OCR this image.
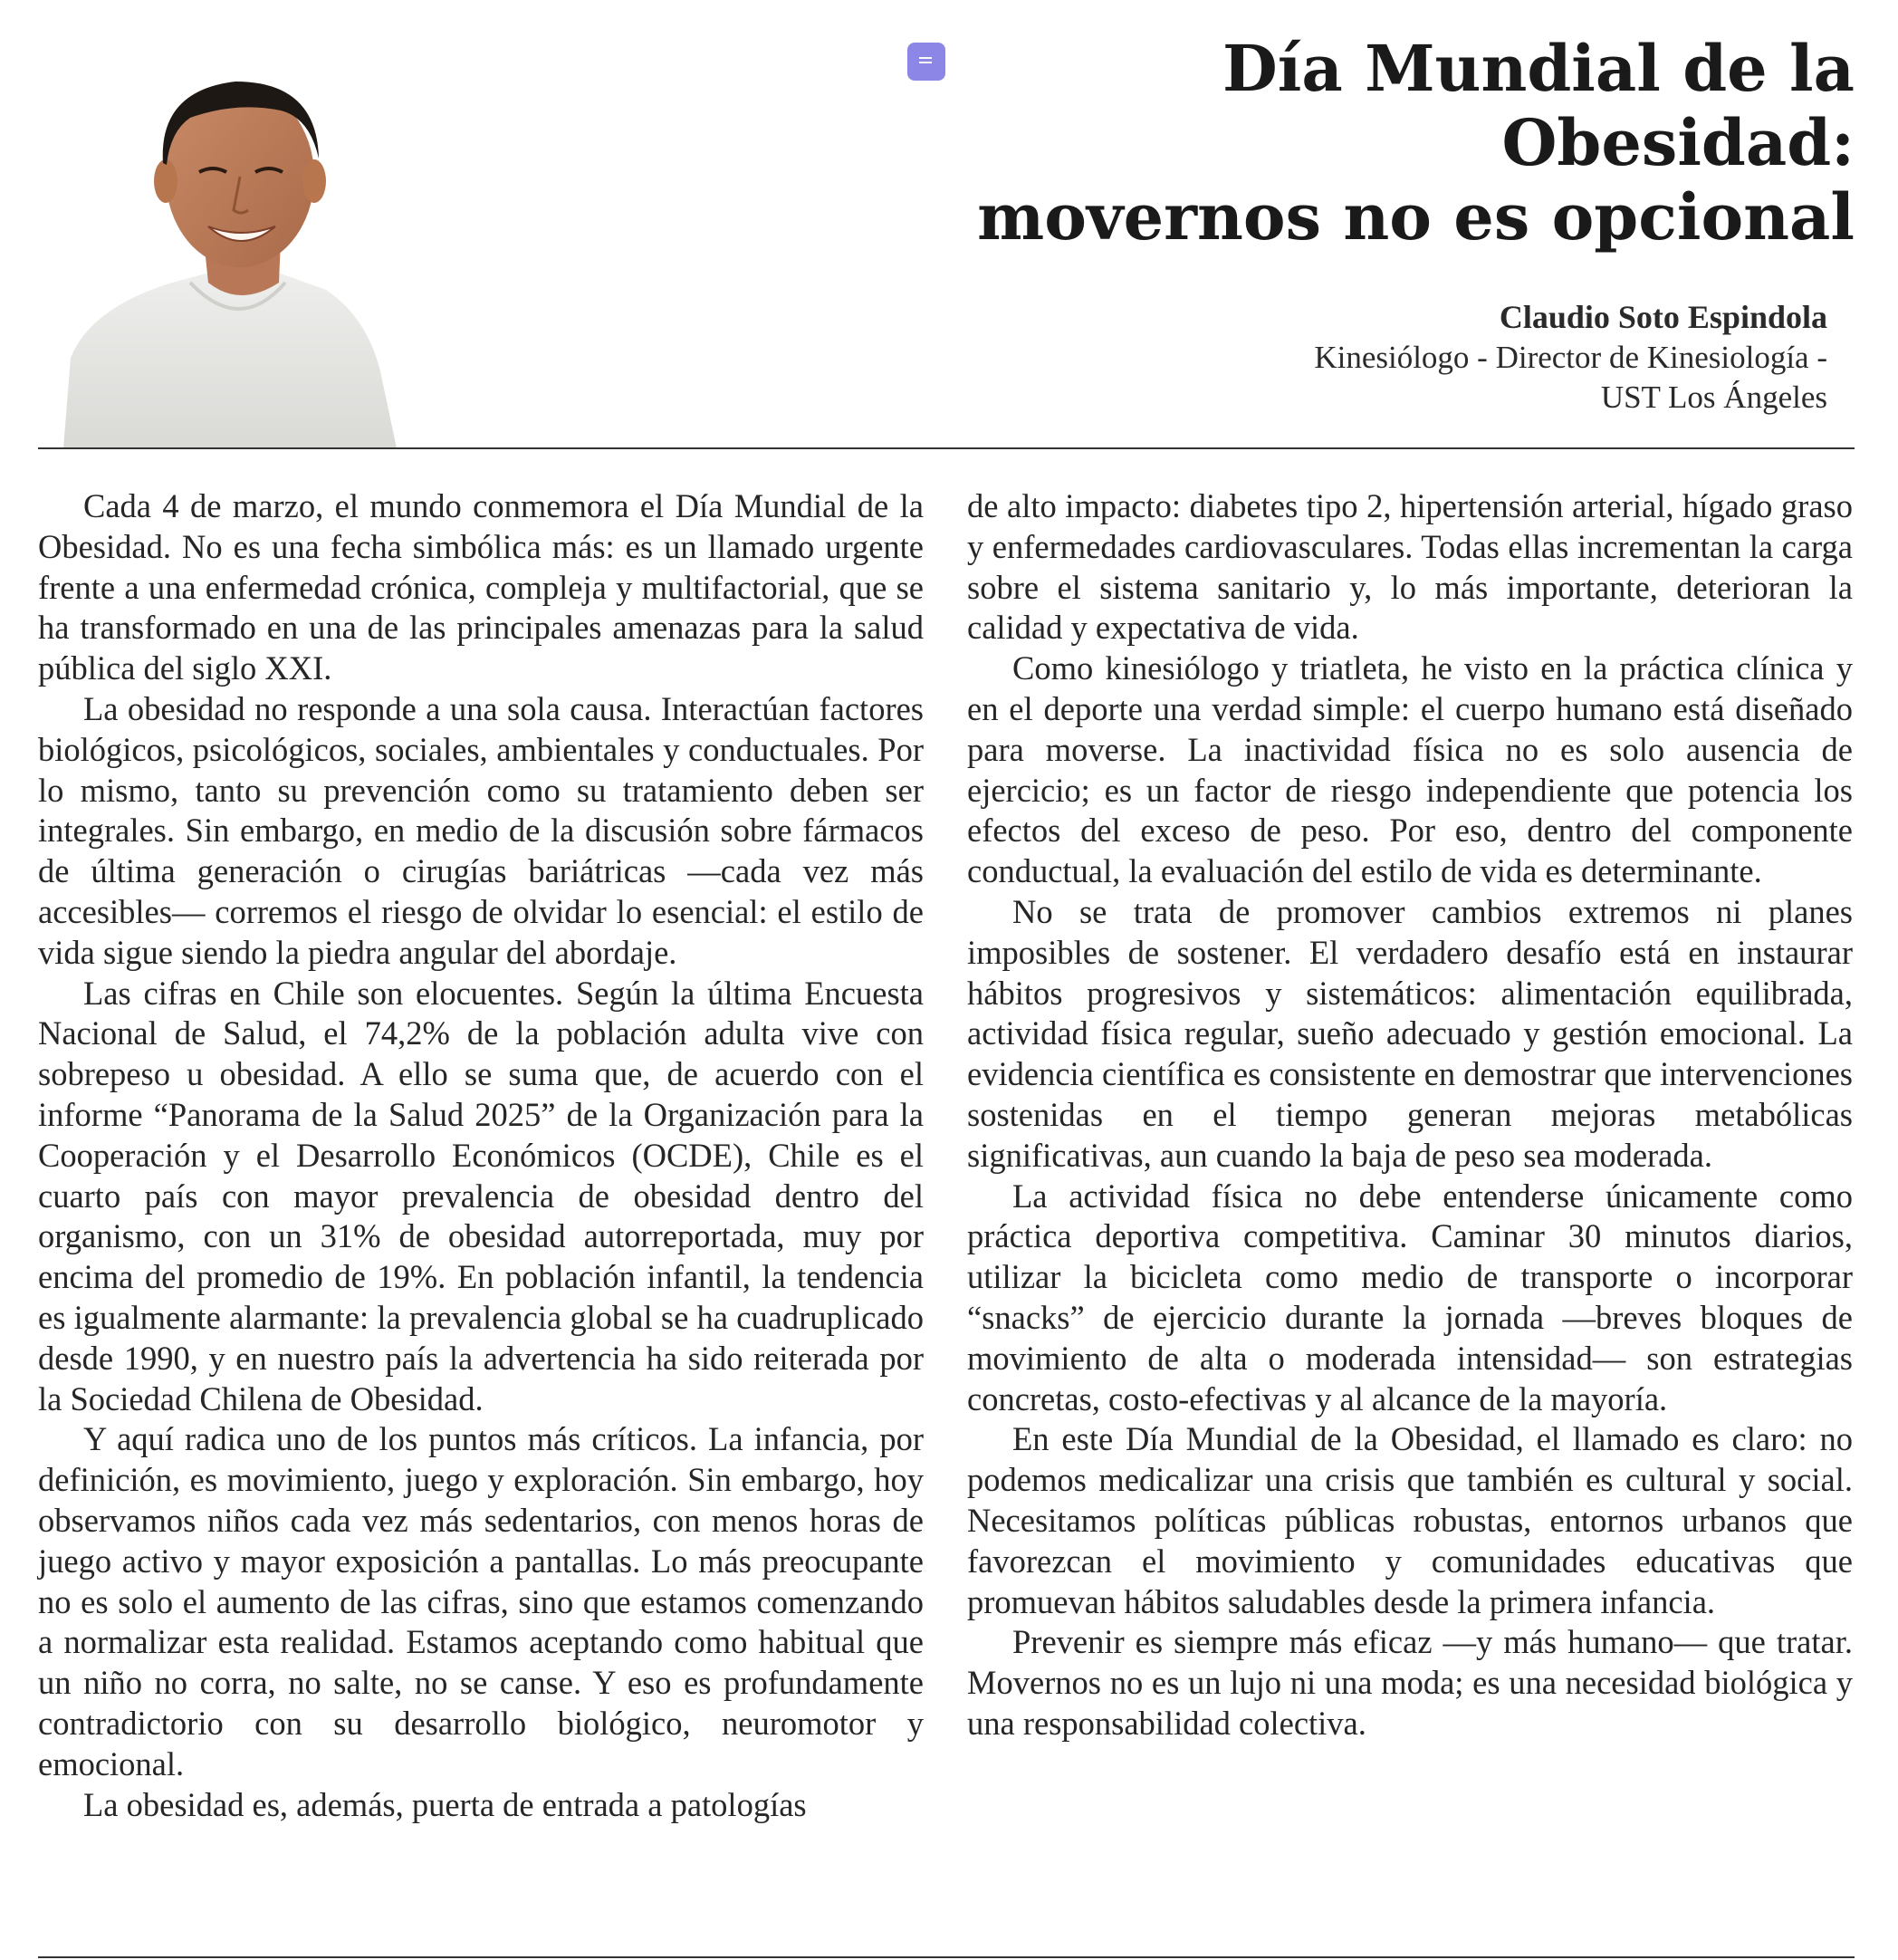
Día Mundial de la Obesidad:
movernos no es opcional
Claudio Soto Espindola
Kinesiólogo - Director de Kinesiología -
UST Los Ángeles

Cada 4 de marzo, el mundo conmemora el Día Mundial de la Obesidad. No es una fecha simbólica más: es un llamado urgente frente a una enfermedad crónica, compleja y multifactorial, que se ha transformado en una de las principales amenazas para la salud pública del siglo XXI.

La obesidad no responde a una sola causa. Interactúan factores biológicos, psicológicos, sociales, ambientales y conductuales. Por lo mismo, tanto su prevención como su tratamiento deben ser integrales. Sin embargo, en medio de la discusión sobre fármacos de última generación o cirugías bariátricas —cada vez más accesibles— corremos el riesgo de olvidar lo esencial: el estilo de vida sigue siendo la piedra angular del abordaje.

Las cifras en Chile son elocuentes. Según la última Encuesta Nacional de Salud, el 74,2% de la población adulta vive con sobrepeso u obesidad. A ello se suma que, de acuerdo con el informe “Panorama de la Salud 2025” de la Organización para la Cooperación y el Desarrollo Económicos (OCDE), Chile es el cuarto país con mayor prevalencia de obesidad dentro del organismo, con un 31% de obesidad autorreportada, muy por encima del promedio de 19%. En población infantil, la tendencia es igualmente alarmante: la prevalencia global se ha cuadruplicado desde 1990, y en nuestro país la advertencia ha sido reiterada por la Sociedad Chilena de Obesidad.

Y aquí radica uno de los puntos más críticos. La infancia, por definición, es movimiento, juego y exploración. Sin embargo, hoy observamos niños cada vez más sedentarios, con menos horas de juego activo y mayor exposición a pantallas. Lo más preocupante no es solo el aumento de las cifras, sino que estamos comenzando a normalizar esta realidad. Estamos aceptando como habitual que un niño no corra, no salte, no se canse. Y eso es profundamente contradictorio con su desarrollo biológico, neuromotor y emocional.

La obesidad es, además, puerta de entrada a patologías

de alto impacto: diabetes tipo 2, hipertensión arterial, hígado graso y enfermedades cardiovasculares. Todas ellas incrementan la carga sobre el sistema sanitario y, lo más importante, deterioran la calidad y expectativa de vida.

Como kinesiólogo y triatleta, he visto en la práctica clínica y en el deporte una verdad simple: el cuerpo humano está diseñado para moverse. La inactividad física no es solo ausencia de ejercicio; es un factor de riesgo independiente que potencia los efectos del exceso de peso. Por eso, dentro del componente conductual, la evaluación del estilo de vida es determinante.

No se trata de promover cambios extremos ni planes imposibles de sostener. El verdadero desafío está en instaurar hábitos progresivos y sistemáticos: alimentación equilibrada, actividad física regular, sueño adecuado y gestión emocional. La evidencia científica es consistente en demostrar que intervenciones sostenidas en el tiempo generan mejoras metabólicas significativas, aun cuando la baja de peso sea moderada.

La actividad física no debe entenderse únicamente como práctica deportiva competitiva. Caminar 30 minutos diarios, utilizar la bicicleta como medio de transporte o incorporar “snacks” de ejercicio durante la jornada —breves bloques de movimiento de alta o moderada intensidad— son estrategias concretas, costo-efectivas y al alcance de la mayoría.

En este Día Mundial de la Obesidad, el llamado es claro: no podemos medicalizar una crisis que también es cultural y social. Necesitamos políticas públicas robustas, entornos urbanos que favorezcan el movimiento y comunidades educativas que promuevan hábitos saludables desde la primera infancia.

Prevenir es siempre más eficaz —y más humano— que tratar. Movernos no es un lujo ni una moda; es una necesidad biológica y una responsabilidad colectiva.
